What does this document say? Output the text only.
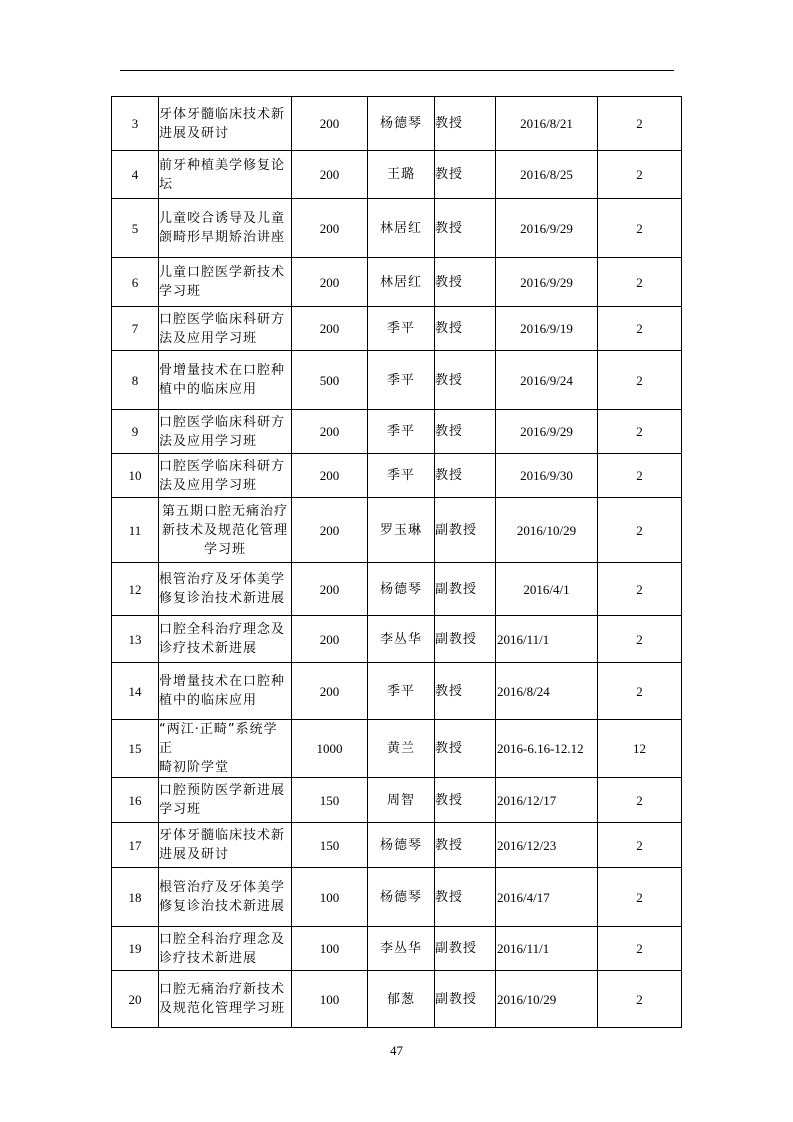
3	牙体牙髓临床技术新
进展及研讨	200	杨德琴	教授	2016/8/21	2
4	前牙种植美学修复论
坛	200	王璐	教授	2016/8/25	2
5	儿童咬合诱导及儿童
颌畸形早期矫治讲座	200	林居红	教授	2016/9/29	2
6	儿童口腔医学新技术
学习班	200	林居红	教授	2016/9/29	2
7	口腔医学临床科研方
法及应用学习班	200	季平	教授	2016/9/19	2
8	骨增量技术在口腔种
植中的临床应用	500	季平	教授	2016/9/24	2
9	口腔医学临床科研方
法及应用学习班	200	季平	教授	2016/9/29	2
10	口腔医学临床科研方
法及应用学习班	200	季平	教授	2016/9/30	2
11	第五期口腔无痛治疗
新技术及规范化管理
学习班	200	罗玉琳	副教授	2016/10/29	2
12	根管治疗及牙体美学
修复诊治技术新进展	200	杨德琴	副教授	2016/4/1	2
13	口腔全科治疗理念及
诊疗技术新进展	200	李丛华	副教授	2016/11/1	2
14	骨增量技术在口腔种
植中的临床应用	200	季平	教授	2016/8/24	2
15	“两江·正畸”系统学正
畸初阶学堂	1000	黄兰	教授	2016-6.16-12.12	12
16	口腔预防医学新进展
学习班	150	周智	教授	2016/12/17	2
17	牙体牙髓临床技术新
进展及研讨	150	杨德琴	教授	2016/12/23	2
18	根管治疗及牙体美学
修复诊治技术新进展	100	杨德琴	教授	2016/4/17	2
19	口腔全科治疗理念及
诊疗技术新进展	100	李丛华	副教授	2016/11/1	2
20	口腔无痛治疗新技术
及规范化管理学习班	100	郁葱	副教授	2016/10/29	2
47
